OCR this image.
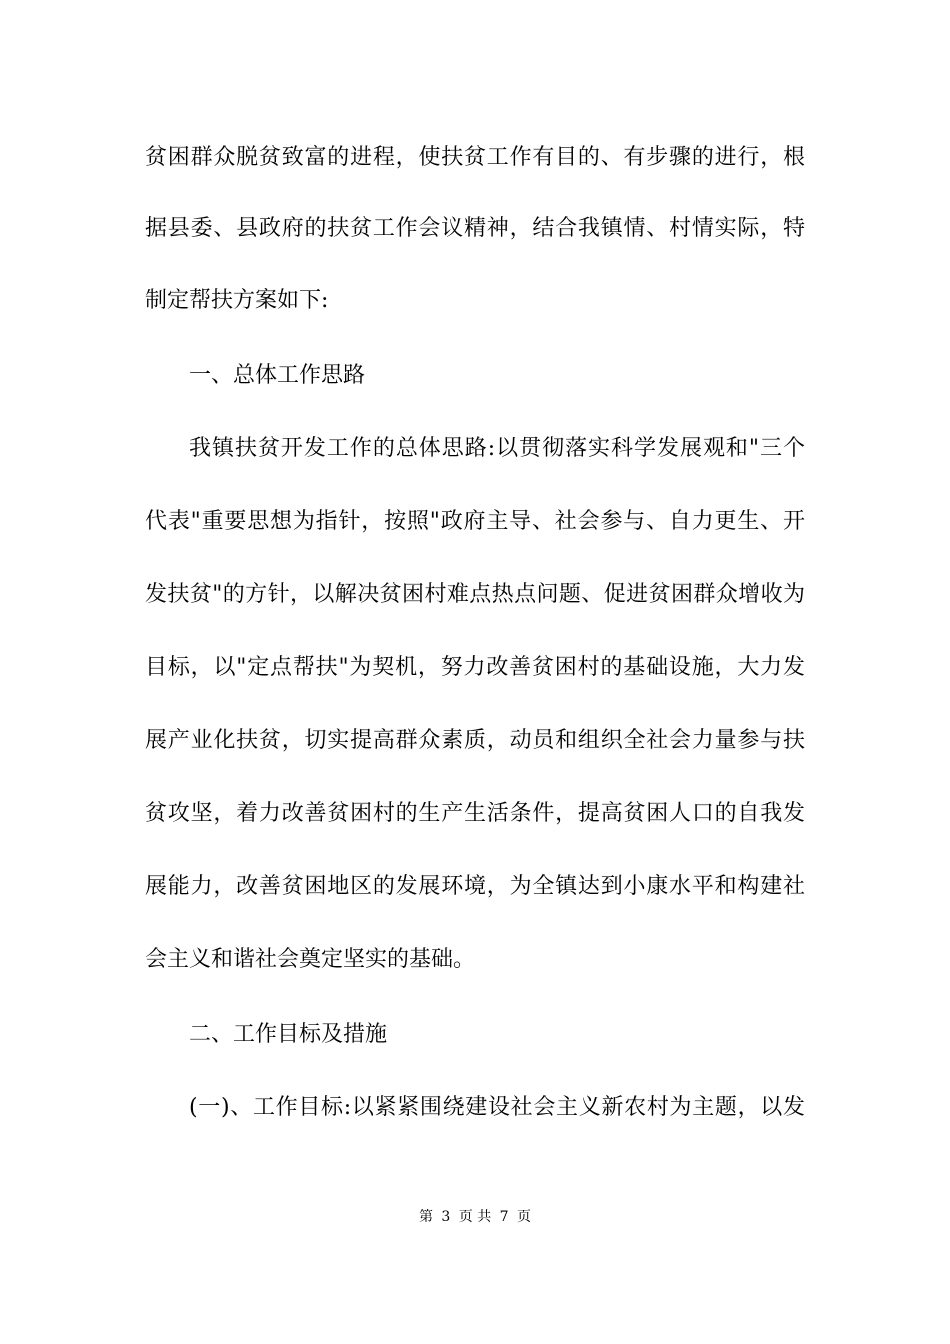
贫困群众脱贫致富的进程，使扶贫工作有目的、有步骤的进行，根
据县委、县政府的扶贫工作会议精神，结合我镇情、村情实际，特
制定帮扶方案如下:
一、总体工作思路
我镇扶贫开发工作的总体思路:以贯彻落实科学发展观和"三个
代表"重要思想为指针，按照"政府主导、社会参与、自力更生、开
发扶贫"的方针，以解决贫困村难点热点问题、促进贫困群众增收为
目标，以"定点帮扶"为契机，努力改善贫困村的基础设施，大力发
展产业化扶贫，切实提高群众素质，动员和组织全社会力量参与扶
贫攻坚，着力改善贫困村的生产生活条件，提高贫困人口的自我发
展能力，改善贫困地区的发展环境，为全镇达到小康水平和构建社
会主义和谐社会奠定坚实的基础。
二、工作目标及措施
(一)、工作目标:以紧紧围绕建设社会主义新农村为主题，以发
第 3 页 共 7 页
